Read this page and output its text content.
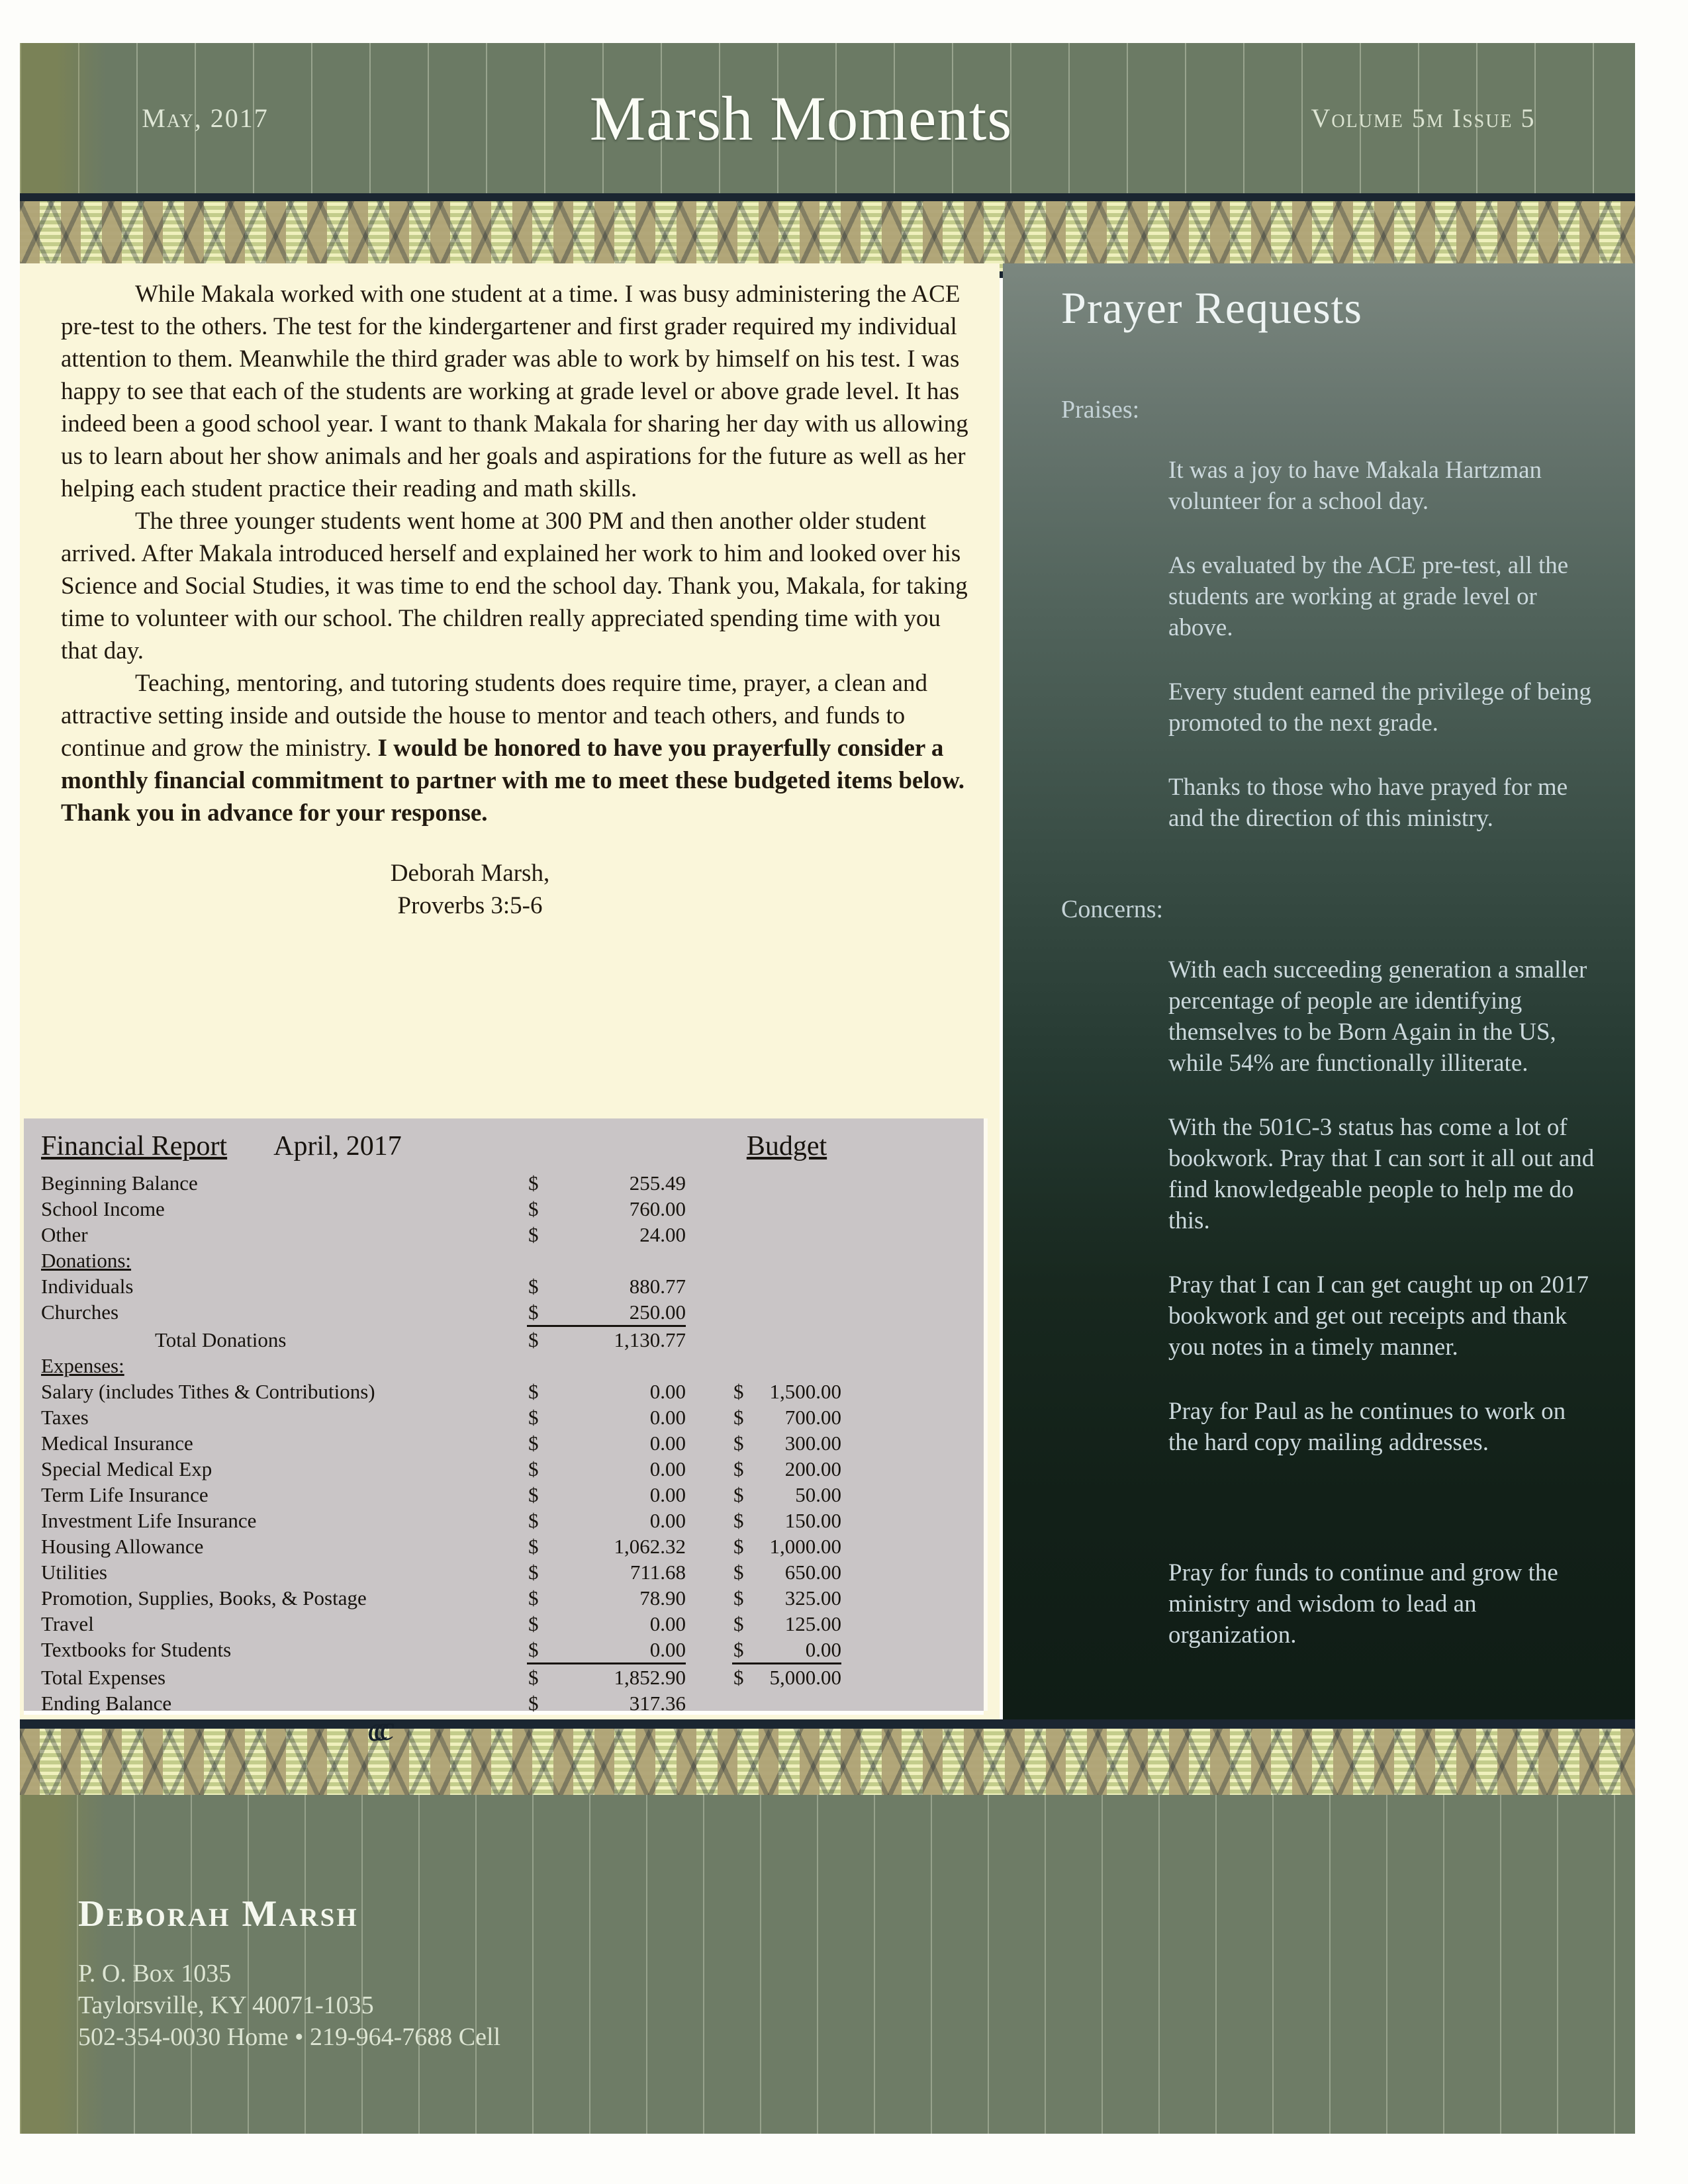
May, 2017	Marsh Moments	Volume 5m Issue 5

While Makala worked with one student at a time. I was busy administering the ACE pre-test to the others. The test for the kindergartener and first grader required my individual attention to them. Meanwhile the third grader was able to work by himself on his test. I was happy to see that each of the students are working at grade level or above grade level. It has indeed been a good school year. I want to thank Makala for sharing her day with us allowing us to learn about her show animals and her goals and aspirations for the future as well as her helping each student practice their reading and math skills.

The three younger students went home at 300 PM and then another older student arrived. After Makala introduced herself and explained her work to him and looked over his Science and Social Studies, it was time to end the school day. Thank you, Makala, for taking time to volunteer with our school. The children really appreciated spending time with you that day.

Teaching, mentoring, and tutoring students does require time, prayer, a clean and attractive setting inside and outside the house to mentor and teach others, and funds to continue and grow the ministry. I would be honored to have you prayerfully consider a monthly financial commitment to partner with me to meet these budgeted items below. Thank you in advance for your response.

Deborah Marsh,
Proverbs 3:5-6
Financial Report April, 2017	Budget
Beginning Balance	$	255.49
School Income	$	760.00
Other	$	24.00
Donations:
Individuals	$	880.77
Churches	$	250.00
Total Donations	$	1,130.77
Expenses:
Salary (includes Tithes & Contributions)	$	0.00 $ 1,500.00
Taxes	$	0.00 $ 700.00
Medical Insurance	$	0.00 $ 300.00
Special Medical Exp	$	0.00 $ 200.00
Term Life Insurance	$	0.00 $	50.00
Investment Life Insurance	$	0.00 $ 150.00
Housing Allowance	$	1,062.32 $ 1,000.00
Utilities	$	711.68 $ 650.00
Promotion, Supplies, Books, & Postage	$	78.90 $ 325.00
Travel	$	0.00 $ 125.00
Textbooks for Students	$	0.00 $	0.00
Total Expenses	$	1,852.90 $ 5,000.00
Ending Balance	$	317.36
Prayer Requests
Praises:

It was a joy to have Makala Hartzman volunteer for a school day.

As evaluated by the ACE pre-test, all the students are working at grade level or above.

Every student earned the privilege of being promoted to the next grade.

Thanks to those who have prayed for me and the direction of this ministry.

Concerns:

With each succeeding generation a smaller percentage of people are identifying themselves to be Born Again in the US, while 54% are functionally illiterate.

With the 501C-3 status has come a lot of bookwork. Pray that I can sort it all out and find knowledgeable people to help me do this.

Pray that I can I can get caught up on 2017 bookwork and get out receipts and thank you notes in a timely manner.

Pray for Paul as he continues to work on the hard copy mailing addresses.

Pray for funds to continue and grow the ministry and wisdom to lead an organization.

ccc
Deborah Marsh
P. O. Box 1035
Taylorsville, KY 40071-1035
502-354-0030 Home • 219-964-7688 Cell
